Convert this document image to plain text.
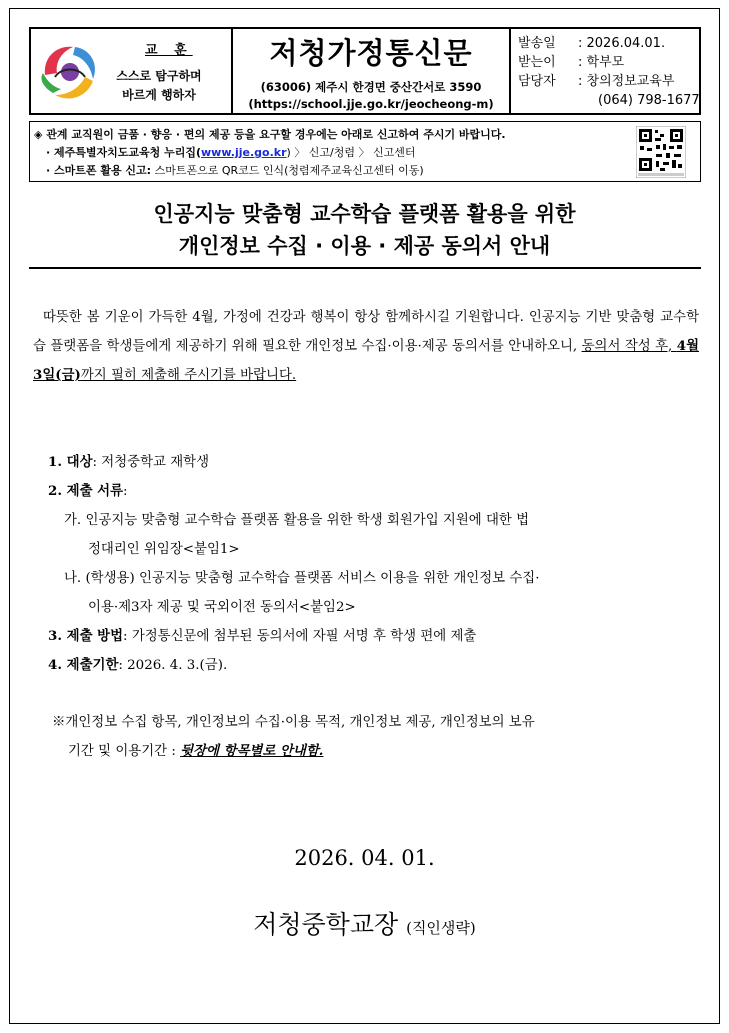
교 훈
스스로 탐구하며
바르게 행하자
저청가정통신문
(63006) 제주시 한경면 중산간서로 3590
(https://school.jje.go.kr/jeocheong-m)
발송일 : 2026.04.01.
받는이 : 학부모
담당자 : 창의정보교육부
(064) 798-1677
◈ 관계 교직원이 금품 · 향응 · 편의 제공 등을 요구할 경우에는 아래로 신고하여 주시기 바랍니다.
· 제주특별자치도교육청 누리집(www.jje.go.kr) 〉 신고/청렴 〉 신고센터
· 스마트폰 활용 신고: 스마트폰으로 QR코드 인식(청렴제주교육신고센터 이동)
인공지능 맞춤형 교수학습 플랫폼 활용을 위한
개인정보 수집 · 이용 · 제공 동의서 안내
따뜻한 봄 기운이 가득한 4월, 가정에 건강과 행복이 항상 함께하시길 기원합니다. 인공지능 기반 맞춤형 교수학습 플랫폼을 학생들에게 제공하기 위해 필요한 개인정보 수집·이용·제공 동의서를 안내하오니, 동의서 작성 후, 4월 3일(금)까지 필히 제출해 주시기를 바랍니다.
1. 대상: 저청중학교 재학생
2. 제출 서류:
가. 인공지능 맞춤형 교수학습 플랫폼 활용을 위한 학생 회원가입 지원에 대한 법
정대리인 위임장<붙임1>
나. (학생용) 인공지능 맞춤형 교수학습 플랫폼 서비스 이용을 위한 개인정보 수집·
이용·제3자 제공 및 국외이전 동의서<붙임2>
3. 제출 방법: 가정통신문에 첨부된 동의서에 자필 서명 후 학생 편에 제출
4. 제출기한: 2026. 4. 3.(금).
※개인정보 수집 항목, 개인정보의 수집·이용 목적, 개인정보 제공, 개인정보의 보유
기간 및 이용기간 : 뒷장에 항목별로 안내함.
2026. 04. 01.
저청중학교장 (직인생략)
